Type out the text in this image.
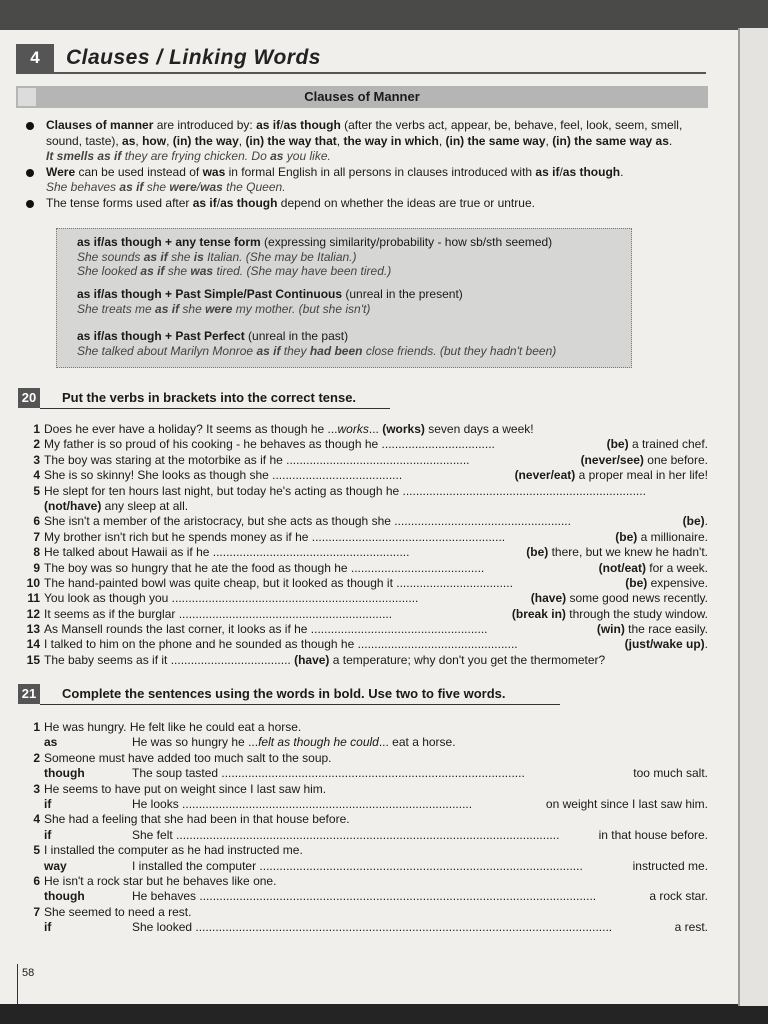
4	Clauses / Linking Words
Clauses of Manner
Clauses of manner are introduced by: as if/as though (after the verbs act, appear, be, behave, feel, look, seem, smell, sound, taste), as, how, (in) the way, (in) the way that, the way in which, (in) the same way, (in) the same way as.
It smells as if they are frying chicken. Do as you like.
Were can be used instead of was in formal English in all persons in clauses introduced with as if/as though.
She behaves as if she were/was the Queen.
The tense forms used after as if/as though depend on whether the ideas are true or untrue.
as if/as though + any tense form (expressing similarity/probability - how sb/sth seemed)
She sounds as if she is Italian. (She may be Italian.)
She looked as if she was tired. (She may have been tired.)
as if/as though + Past Simple/Past Continuous (unreal in the present)
She treats me as if she were my mother. (but she isn't)
as if/as though + Past Perfect (unreal in the past)
She talked about Marilyn Monroe as if they had been close friends. (but they hadn't been)
20 Put the verbs in brackets into the correct tense.
1 Does he ever have a holiday? It seems as though he ...works... (works) seven days a week!
2 My father is so proud of his cooking - he behaves as though he ..................................	(be) a trained chef.
3 The boy was staring at the motorbike as if he .......................................................	(never/see) one before.
4 She is so skinny! She looks as though she .......................................	(never/eat) a proper meal in her life!
5 He slept for ten hours last night, but today he's acting as though he .........................................................................
(not/have) any sleep at all.
6 She isn't a member of the aristocracy, but she acts as though she .....................................................	(be).
7 My brother isn't rich but he spends money as if he ..........................................................	(be) a millionaire.
8 He talked about Hawaii as if he ...........................................................	(be) there, but we knew he hadn't.
9 The boy was so hungry that he ate the food as though he ........................................	(not/eat) for a week.
10 The hand-painted bowl was quite cheap, but it looked as though it ...................................	(be) expensive.
11 You look as though you ..........................................................................	(have) some good news recently.
12 It seems as if the burglar ................................................................	(break in) through the study window.
13 As Mansell rounds the last corner, it looks as if he .....................................................	(win) the race easily.
14 I talked to him on the phone and he sounded as though he ................................................	(just/wake up).
15 The baby seems as if it .................................... (have) a temperature; why don't you get the thermometer?
21 Complete the sentences using the words in bold. Use two to five words.
1 He was hungry. He felt like he could eat a horse.
as	He was so hungry he ...felt as though he could... eat a horse.
2 Someone must have added too much salt to the soup.
though	The soup tasted ...........................................................................................	too much salt.
3 He seems to have put on weight since I last saw him.
if	He looks .......................................................................................	on weight since I last saw him.
4 She had a feeling that she had been in that house before.
if	She felt ...................................................................................................................	in that house before.
5 I installed the computer as he had instructed me.
way	I installed the computer .................................................................................................	instructed me.
6 He isn't a rock star but he behaves like one.
though	He behaves .......................................................................................................................	a rock star.
7 She seemed to need a rest.
if	She looked .............................................................................................................................	a rest.
58
